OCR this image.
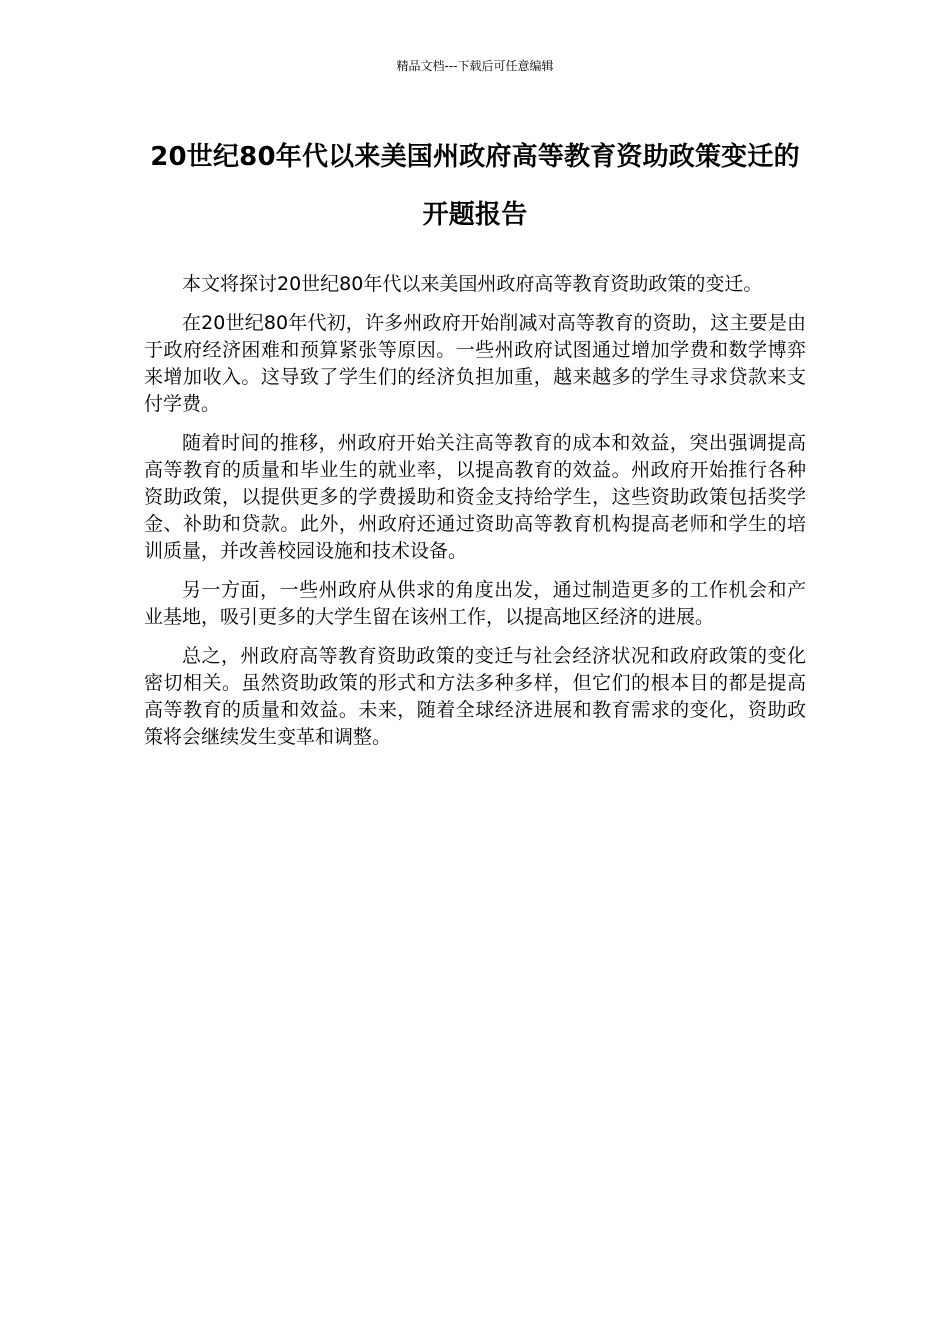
精品文档---下载后可任意编辑
20世纪80年代以来美国州政府高等教育资助政策变迁的开题报告

本文将探讨20世纪80年代以来美国州政府高等教育资助政策的变迁。

在20世纪80年代初，许多州政府开始削减对高等教育的资助，这主要是由于政府经济困难和预算紧张等原因。一些州政府试图通过增加学费和数学博弈来增加收入。这导致了学生们的经济负担加重，越来越多的学生寻求贷款来支付学费。

随着时间的推移，州政府开始关注高等教育的成本和效益，突出强调提高高等教育的质量和毕业生的就业率，以提高教育的效益。州政府开始推行各种资助政策，以提供更多的学费援助和资金支持给学生，这些资助政策包括奖学金、补助和贷款。此外，州政府还通过资助高等教育机构提高老师和学生的培训质量，并改善校园设施和技术设备。

另一方面，一些州政府从供求的角度出发，通过制造更多的工作机会和产业基地，吸引更多的大学生留在该州工作，以提高地区经济的进展。

总之，州政府高等教育资助政策的变迁与社会经济状况和政府政策的变化密切相关。虽然资助政策的形式和方法多种多样，但它们的根本目的都是提高高等教育的质量和效益。未来，随着全球经济进展和教育需求的变化，资助政策将会继续发生变革和调整。
